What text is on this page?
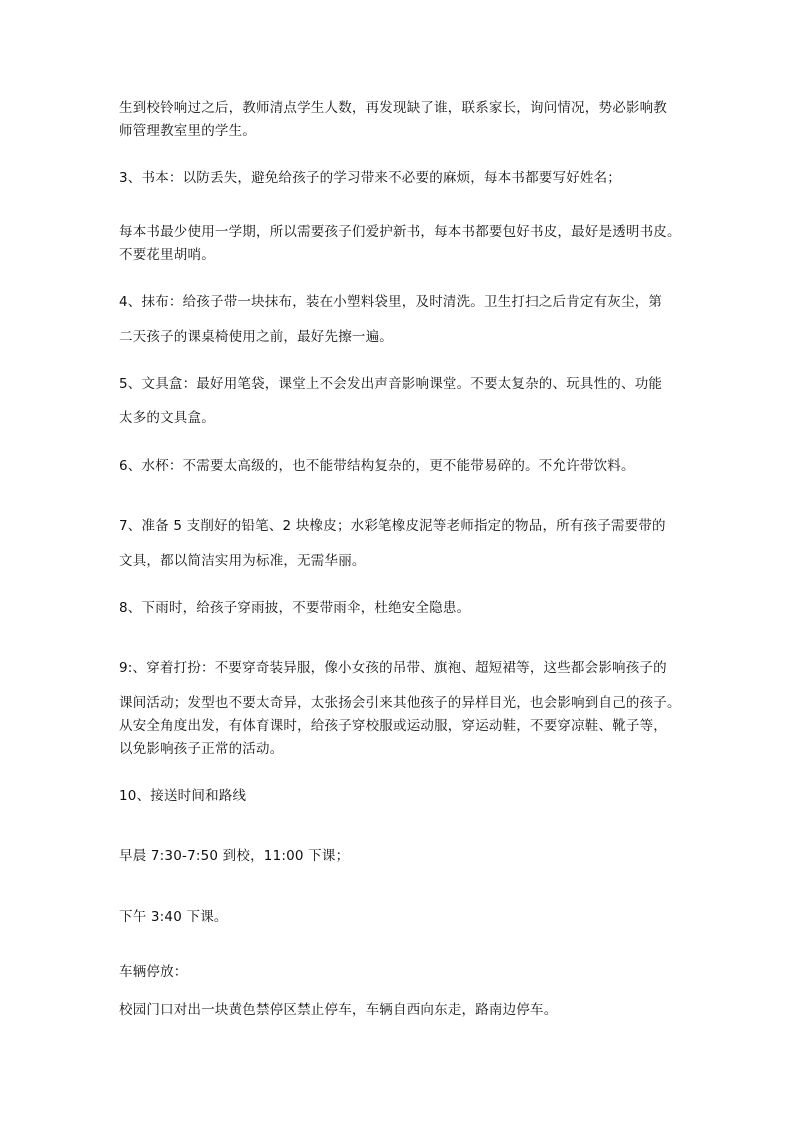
生到校铃响过之后，教师清点学生人数，再发现缺了谁，联系家长，询问情况，势必影响教
师管理教室里的学生。
3、书本：以防丢失，避免给孩子的学习带来不必要的麻烦，每本书都要写好姓名；
每本书最少使用一学期，所以需要孩子们爱护新书，每本书都要包好书皮，最好是透明书皮。
不要花里胡哨。
4、抹布：给孩子带一块抹布，装在小塑料袋里，及时清洗。卫生打扫之后肯定有灰尘，第
二天孩子的课桌椅使用之前，最好先擦一遍。
5、文具盒：最好用笔袋，课堂上不会发出声音影响课堂。不要太复杂的、玩具性的、功能
太多的文具盒。
6、水杯：不需要太高级的，也不能带结构复杂的，更不能带易碎的。不允许带饮料。
7、准备 5 支削好的铅笔、2 块橡皮；水彩笔橡皮泥等老师指定的物品，所有孩子需要带的
文具，都以简洁实用为标准，无需华丽。
8、下雨时，给孩子穿雨披，不要带雨伞，杜绝安全隐患。
9:、穿着打扮：不要穿奇装异服，像小女孩的吊带、旗袍、超短裙等，这些都会影响孩子的
课间活动；发型也不要太奇异，太张扬会引来其他孩子的异样目光，也会影响到自己的孩子。
从安全角度出发，有体育课时，给孩子穿校服或运动服，穿运动鞋，不要穿凉鞋、靴子等，
以免影响孩子正常的活动。
10、接送时间和路线
早晨 7:30-7:50 到校，11:00 下课；
下午 3:40 下课。
车辆停放：
校园门口对出一块黄色禁停区禁止停车，车辆自西向东走，路南边停车。
